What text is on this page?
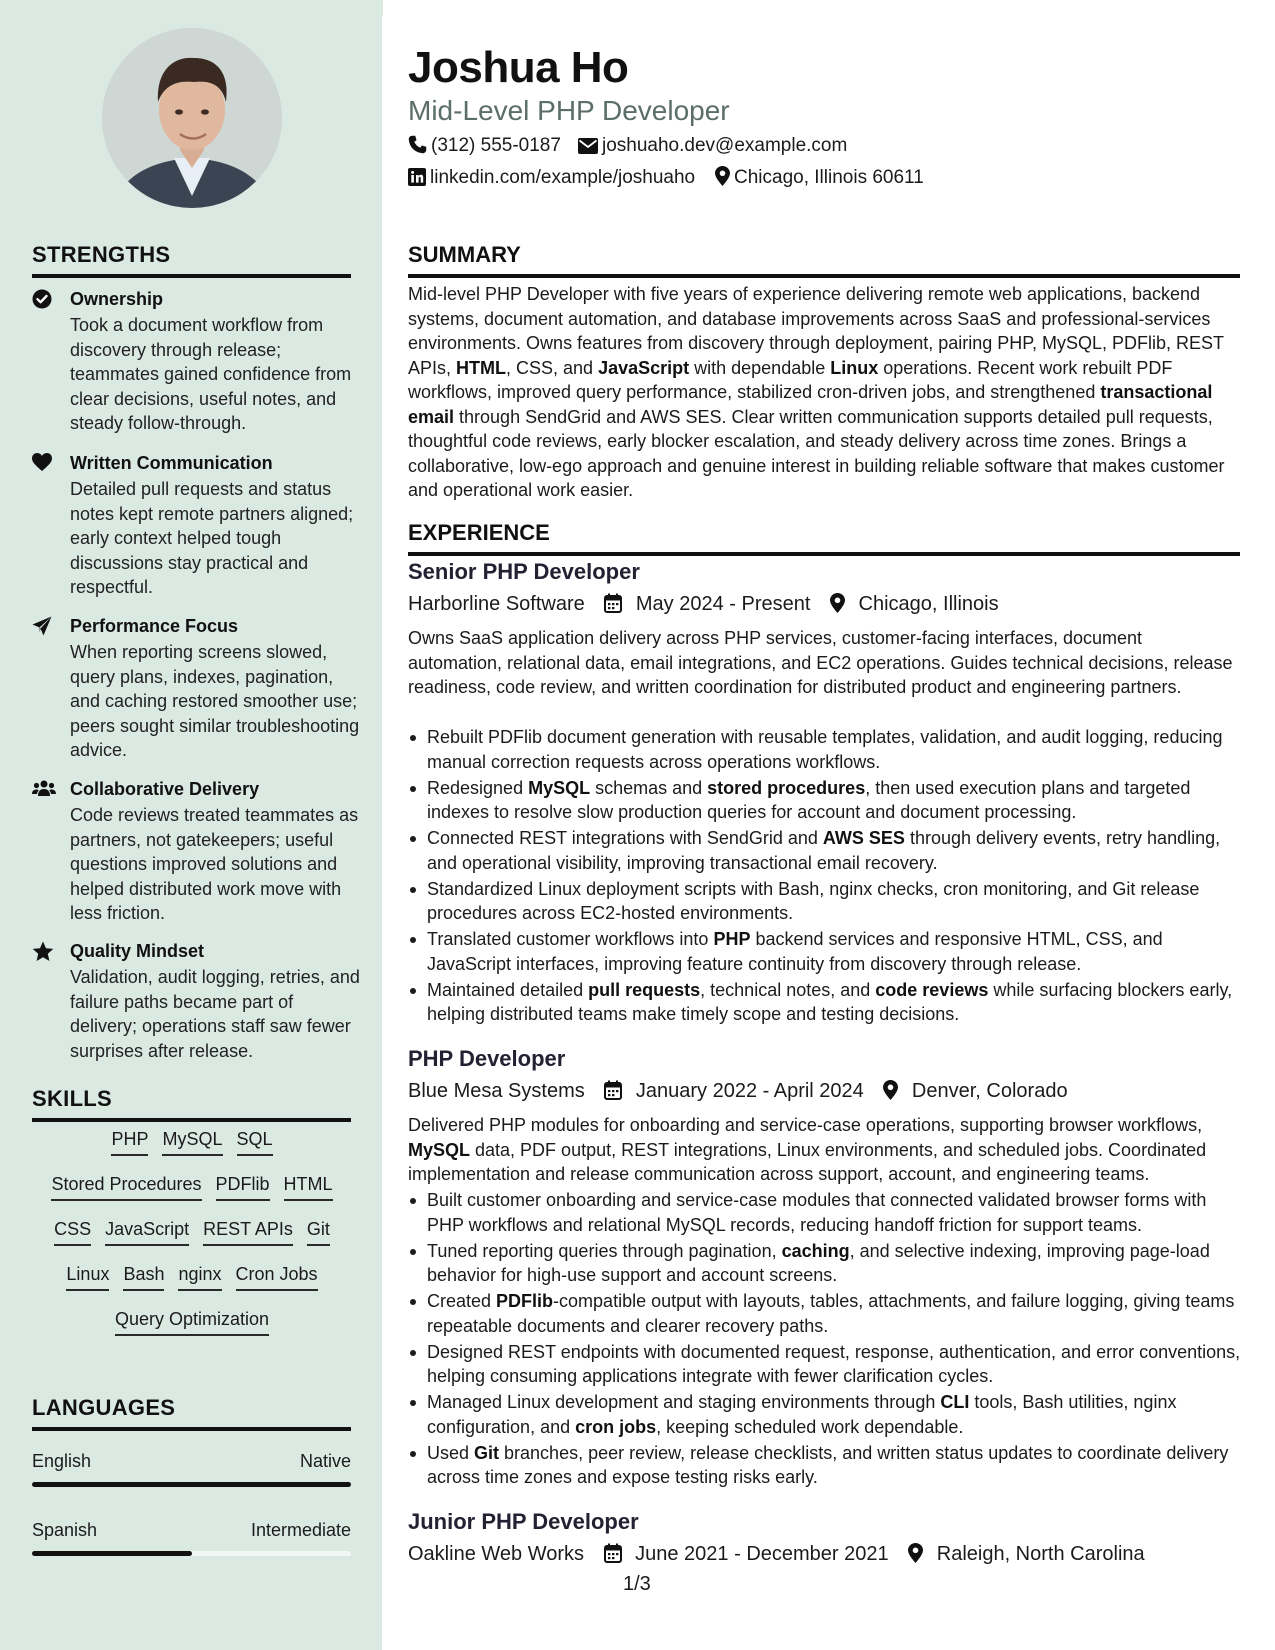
STRENGTHS
Ownership
Took a document workflow from discovery through release; teammates gained confidence from clear decisions, useful notes, and steady follow-through.
Written Communication
Detailed pull requests and status notes kept remote partners aligned; early context helped tough discussions stay practical and respectful.
Performance Focus
When reporting screens slowed, query plans, indexes, pagination, and caching restored smoother use; peers sought similar troubleshooting advice.
Collaborative Delivery
Code reviews treated teammates as partners, not gatekeepers; useful questions improved solutions and helped distributed work move with less friction.
Quality Mindset
Validation, audit logging, retries, and failure paths became part of delivery; operations staff saw fewer surprises after release.
SKILLS
PHP MySQL SQL
Stored Procedures PDFlib HTML
CSS JavaScript REST APIs Git
Linux Bash nginx Cron Jobs
Query Optimization
LANGUAGES
English	Native
Spanish	Intermediate
Joshua Ho
Mid-Level PHP Developer
(312) 555-0187	joshuaho.dev@example.com
linkedin.com/example/joshuaho	Chicago, Illinois 60611
SUMMARY
Mid-level PHP Developer with five years of experience delivering remote web applications, backend systems, document automation, and database improvements across SaaS and professional-services environments. Owns features from discovery through deployment, pairing PHP, MySQL, PDFlib, REST APIs, HTML, CSS, and JavaScript with dependable Linux operations. Recent work rebuilt PDF workflows, improved query performance, stabilized cron-driven jobs, and strengthened transactional email through SendGrid and AWS SES. Clear written communication supports detailed pull requests, thoughtful code reviews, early blocker escalation, and steady delivery across time zones. Brings a collaborative, low-ego approach and genuine interest in building reliable software that makes customer and operational work easier.
EXPERIENCE
Senior PHP Developer
Harborline Software	May 2024 - Present Chicago, Illinois
Owns SaaS application delivery across PHP services, customer-facing interfaces, document automation, relational data, email integrations, and EC2 operations. Guides technical decisions, release readiness, code review, and written coordination for distributed product and engineering partners.
Rebuilt PDFlib document generation with reusable templates, validation, and audit logging, reducing manual correction requests across operations workflows.
Redesigned MySQL schemas and stored procedures, then used execution plans and targeted indexes to resolve slow production queries for account and document processing.
Connected REST integrations with SendGrid and AWS SES through delivery events, retry handling, and operational visibility, improving transactional email recovery.
Standardized Linux deployment scripts with Bash, nginx checks, cron monitoring, and Git release procedures across EC2-hosted environments.
Translated customer workflows into PHP backend services and responsive HTML, CSS, and JavaScript interfaces, improving feature continuity from discovery through release.
Maintained detailed pull requests, technical notes, and code reviews while surfacing blockers early, helping distributed teams make timely scope and testing decisions.
PHP Developer
Blue Mesa Systems	January 2022 - April 2024 Denver, Colorado
Delivered PHP modules for onboarding and service-case operations, supporting browser workflows, MySQL data, PDF output, REST integrations, Linux environments, and scheduled jobs. Coordinated implementation and release communication across support, account, and engineering teams.
Built customer onboarding and service-case modules that connected validated browser forms with PHP workflows and relational MySQL records, reducing handoff friction for support teams.
Tuned reporting queries through pagination, caching, and selective indexing, improving page-load behavior for high-use support and account screens.
Created PDFlib-compatible output with layouts, tables, attachments, and failure logging, giving teams repeatable documents and clearer recovery paths.
Designed REST endpoints with documented request, response, authentication, and error conventions, helping consuming applications integrate with fewer clarification cycles.
Managed Linux development and staging environments through CLI tools, Bash utilities, nginx configuration, and cron jobs, keeping scheduled work dependable.
Used Git branches, peer review, release checklists, and written status updates to coordinate delivery across time zones and expose testing risks early.
Junior PHP Developer
Oakline Web Works	June 2021 - December 2021 Raleigh, North Carolina
1/3
